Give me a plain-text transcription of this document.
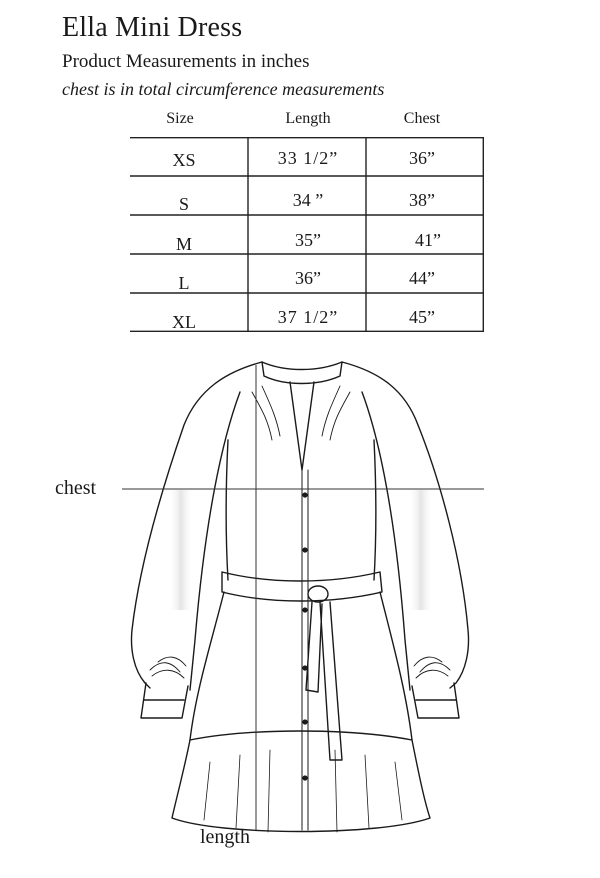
Ella Mini Dress
Product Measurements in inches
chest is in total circumference measurements
Size	Length	Chest
XS	33 1/2”	36”
S	34 ”	38”
M	35”	41”
L	36”	44”
XL	37 1/2”	45”
chest
length
